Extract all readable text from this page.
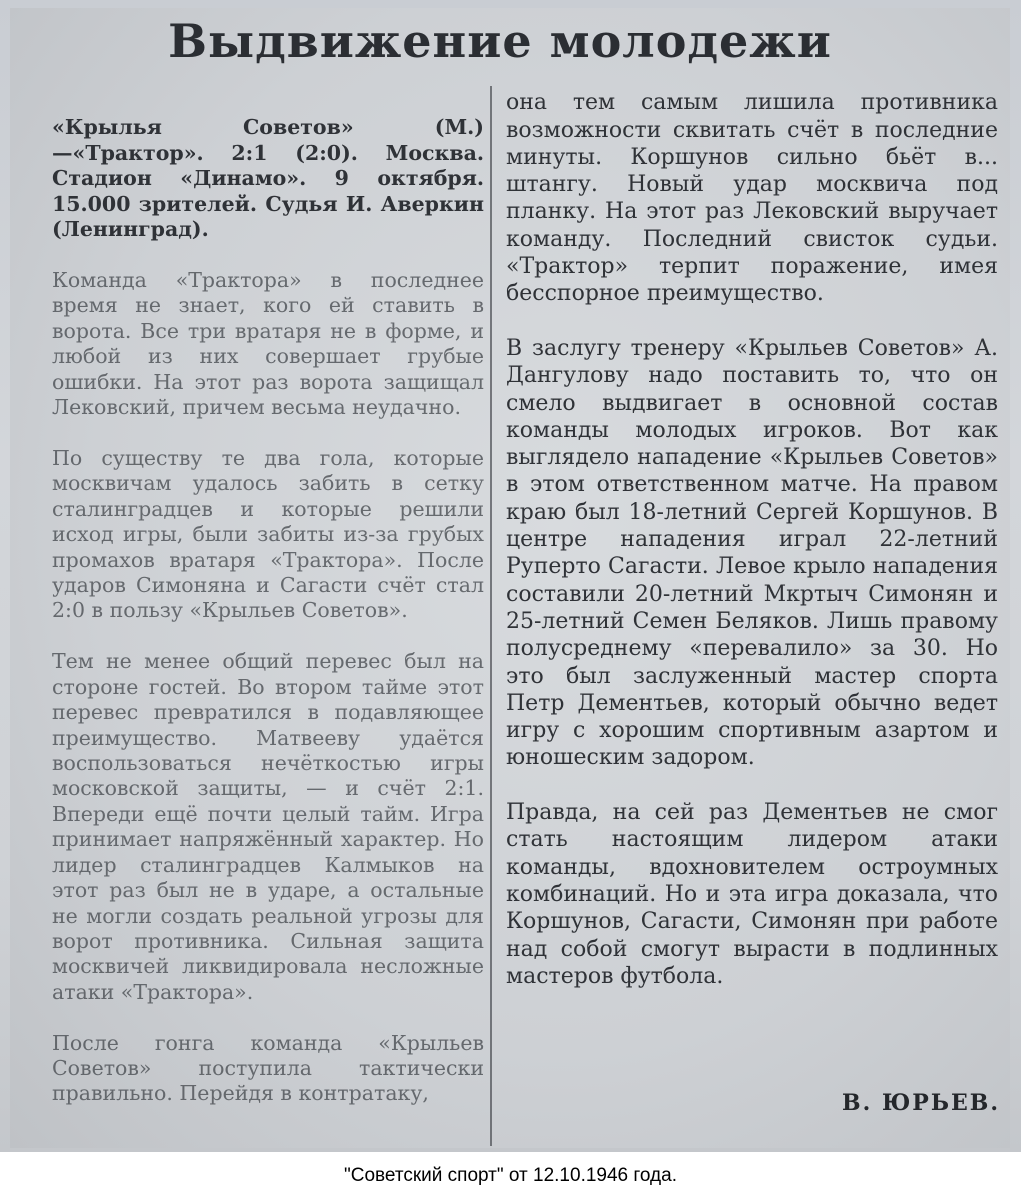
Выдвижение молодежи

«Крылья Советов» (М.)—«Трактор». 2:1 (2:0). Москва. Стадион «Динамо». 9 октября. 15.000 зрителей. Судья И. Аверкин (Ленинград).

Команда «Трактора» в последнее время не знает, кого ей ставить в ворота. Все три вратаря не в форме, и любой из них совершает грубые ошибки. На этот раз ворота защищал Лековский, причем весьма неудачно.

По существу те два гола, которые москвичам удалось забить в сетку сталинградцев и которые решили исход игры, были забиты из-за грубых промахов вратаря «Трактора». После ударов Симоняна и Сагасти счёт стал 2:0 в пользу «Крыльев Советов».

Тем не менее общий перевес был на стороне гостей. Во втором тайме этот перевес превратился в подавляющее преимущество. Матвееву удаётся воспользоваться нечёткостью игры московской защиты, — и счёт 2:1. Впереди ещё почти целый тайм. Игра принимает напряжённый характер. Но лидер сталинградцев Калмыков на этот раз был не в ударе, а остальные не могли создать реальной угрозы для ворот противника. Сильная защита москвичей ликвидировала несложные атаки «Трактора».

После гонга команда «Крыльев Советов» поступила тактически правильно. Перейдя в контратаку,

она тем самым лишила противника возможности сквитать счёт в последние минуты. Коршунов сильно бьёт в... штангу. Новый удар москвича под планку. На этот раз Лековский выручает команду. Последний свисток судьи. «Трактор» терпит поражение, имея бесспорное преимущество.

В заслугу тренеру «Крыльев Советов» А. Дангулову надо поставить то, что он смело выдвигает в основной состав команды молодых игроков. Вот как выглядело нападение «Крыльев Советов» в этом ответственном матче. На правом краю был 18-летний Сергей Коршунов. В центре нападения играл 22-летний Руперто Сагасти. Левое крыло нападения составили 20-летний Мкртыч Симонян и 25-летний Семен Беляков. Лишь правому полусреднему «перевалило» за 30. Но это был заслуженный мастер спорта Петр Дементьев, который обычно ведет игру с хорошим спортивным азартом и юношеским задором.

Правда, на сей раз Дементьев не смог стать настоящим лидером атаки команды, вдохновителем остроумных комбинаций. Но и эта игра доказала, что Коршунов, Сагасти, Симонян при работе над собой смогут вырасти в подлинных мастеров футбола.

В. ЮРЬЕВ.
"Советский спорт" от 12.10.1946 года.
